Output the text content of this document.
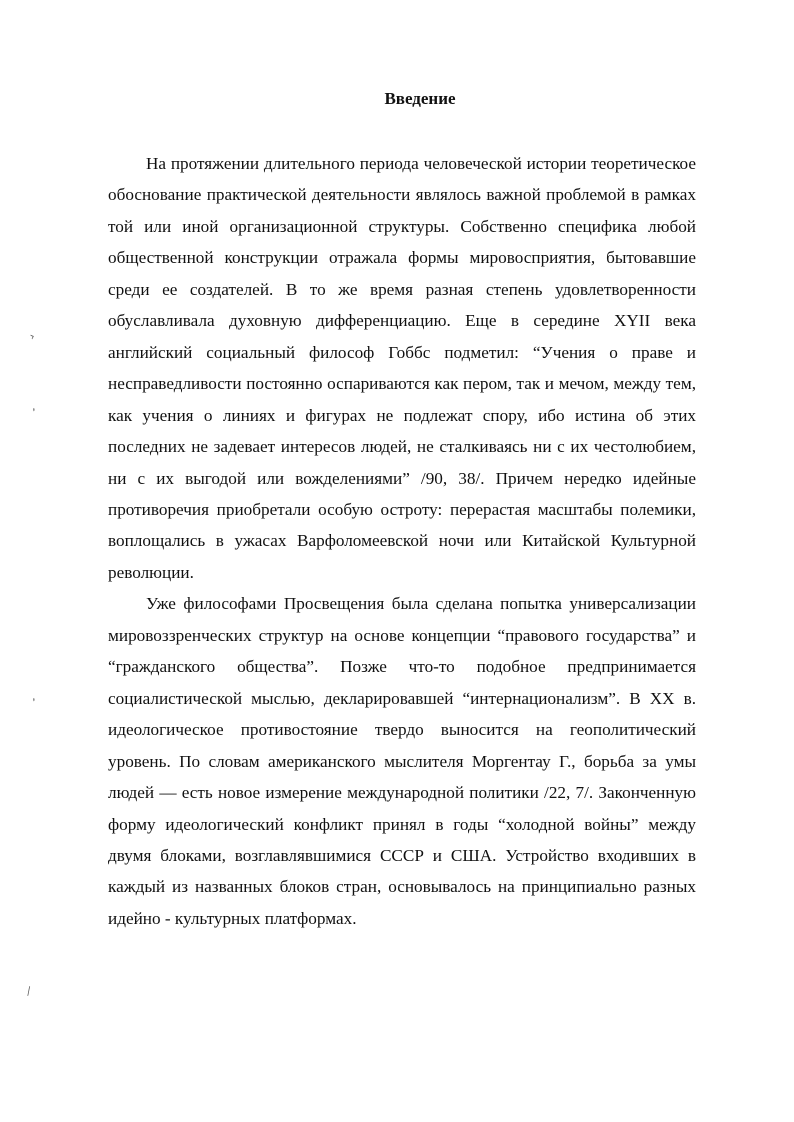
Введение

На протяжении длительного периода человеческой истории теоретическое обоснование практической деятельности являлось важной проблемой в рамках той или иной организационной структуры. Собственно специфика любой общественной конструкции отражала формы мировосприятия, бытовавшие среди ее создателей. В то же время разная степень удовлетворенности обуславливала духовную дифференциацию. Еще в середине XYII века английский социальный философ Гоббс подметил: “Учения о праве и несправедливости постоянно оспариваются как пером, так и мечом, между тем, как учения о линиях и фигурах не подлежат спору, ибо истина об этих последних не задевает интересов людей, не сталкиваясь ни с их честолюбием, ни с их выгодой или вожделениями” /90, 38/. Причем нередко идейные противоречия приобретали особую остроту: перерастая масштабы полемики, воплощались в ужасах Варфоломеевской ночи или Китайской Культурной революции.

Уже философами Просвещения была сделана попытка универсализации мировоззренческих структур на основе концепции “правового государства” и “гражданского общества”. Позже что-то подобное предпринимается социалистической мыслью, декларировавшей “интернационализм”. В XX в. идеологическое противостояние твердо выносится на геополитический уровень. По словам американского мыслителя Моргентау Г., борьба за умы людей — есть новое измерение международной политики /22, 7/. Законченную форму идеологический конфликт принял в годы “холодной войны” между двумя блоками, возглавлявшимися СССР и США. Устройство входивших в каждый из названных блоков стран, основывалось на принципиально разных идейно - культурных платформах.

›
‚
‚
⁄
